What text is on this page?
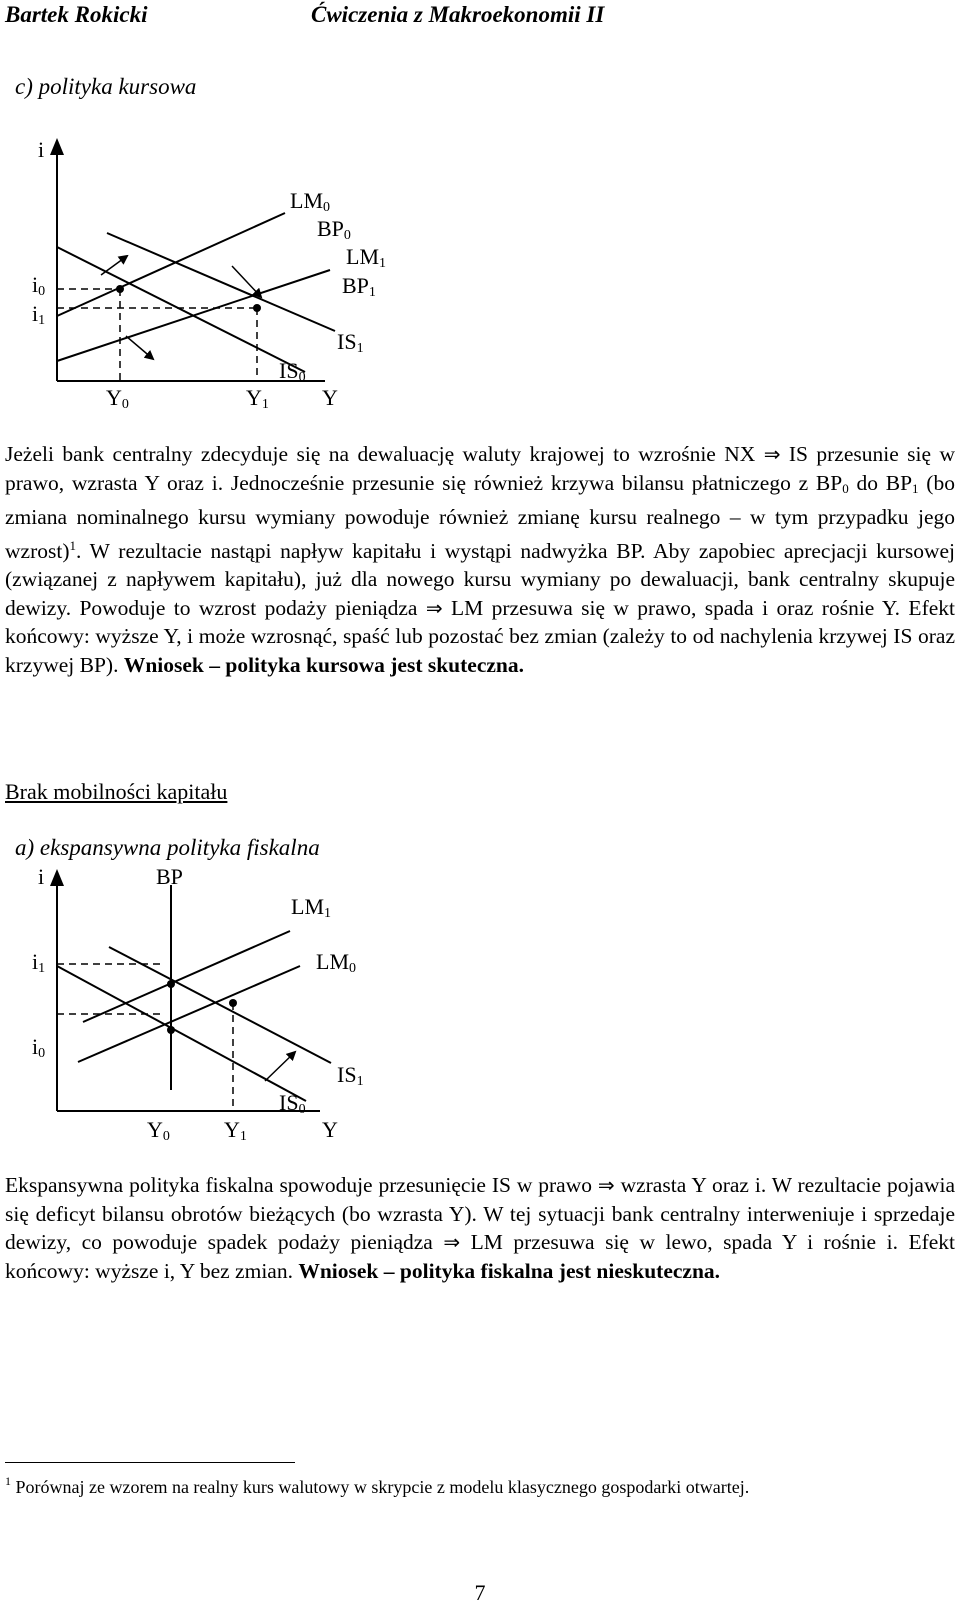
Bartek Rokicki	Ćwiczenia z Makroekonomii II
c) polityka kursowa
i
$LM_0$
$BP_0$
$LM_1$
$BP_1$
$i_0$
$i_1$
$IS_1$
$IS_0$
$Y_0$	$Y_1$ Y
Jeżeli bank centralny zdecyduje się na dewaluację waluty krajowej to wzrośnie NX ⇒ IS przesunie się w prawo, wzrasta Y oraz i. Jednocześnie przesunie się również krzywa bilansu płatniczego z $BP_0$ do $BP_1$ (bo zmiana nominalnego kursu wymiany powoduje również zmianę kursu realnego – w tym przypadku jego wzrost)$^1$. W rezultacie nastąpi napływ kapitału i wystąpi nadwyżka BP. Aby zapobiec aprecjacji kursowej (związanej z napływem kapitału), już dla nowego kursu wymiany po dewaluacji, bank centralny skupuje dewizy. Powoduje to wzrost podaży pieniądza ⇒ LM przesuwa się w prawo, spada i oraz rośnie Y. Efekt końcowy: wyższe Y, i może wzrosnąć, spaść lub pozostać bez zmian (zależy to od nachylenia krzywej IS oraz krzywej BP). Wniosek – polityka kursowa jest skuteczna.
Brak mobilności kapitału
a) ekspansywna polityka fiskalna
i	BP
$LM_1$
$LM_0$
$i_1$
$i_0$
$IS_1$
$IS_0$
$Y_0$ $Y_1$	Y
Ekspansywna polityka fiskalna spowoduje przesunięcie IS w prawo ⇒ wzrasta Y oraz i. W rezultacie pojawia się deficyt bilansu obrotów bieżących (bo wzrasta Y). W tej sytuacji bank centralny interweniuje i sprzedaje dewizy, co powoduje spadek podaży pieniądza ⇒ LM przesuwa się w lewo, spada Y i rośnie i. Efekt końcowy: wyższe i, Y bez zmian. Wniosek – polityka fiskalna jest nieskuteczna.
$^1$ Porównaj ze wzorem na realny kurs walutowy w skrypcie z modelu klasycznego gospodarki otwartej.
7
